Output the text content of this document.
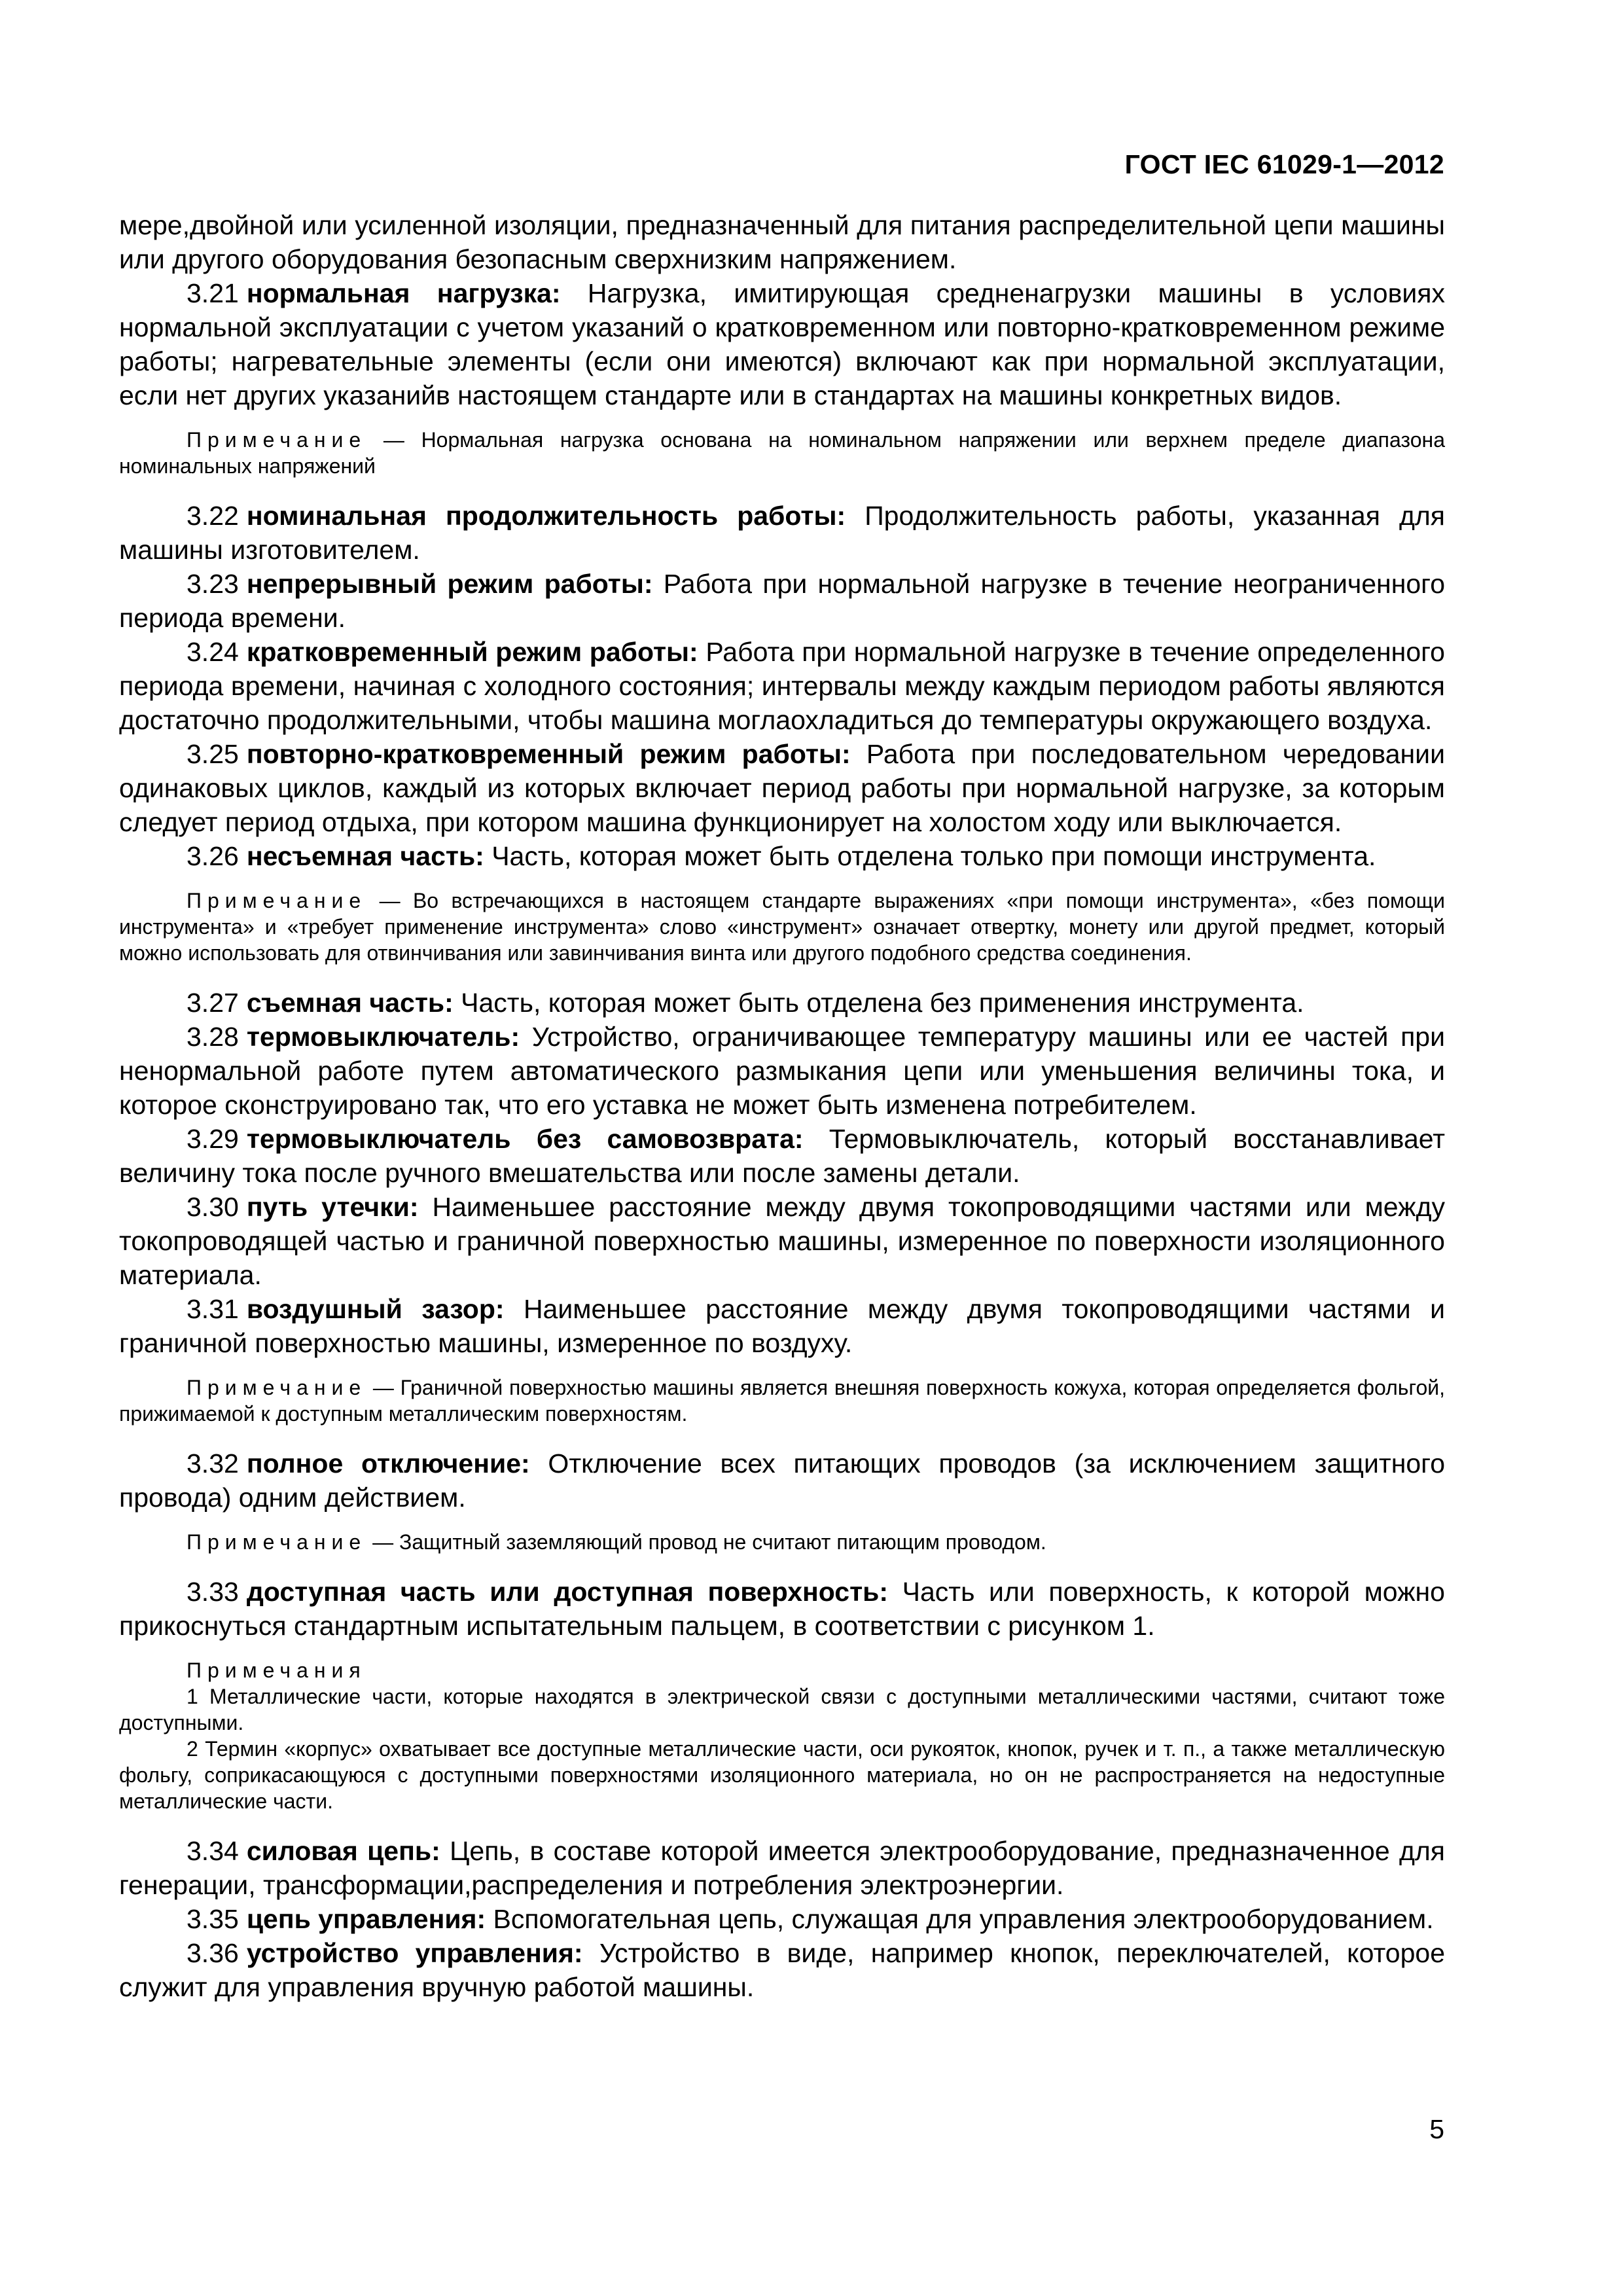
ГОСТ IEC 61029-1—2012

мере,двойной или усиленной изоляции, предназначенный для питания распределительной цепи машины или другого оборудования безопасным сверхнизким напряжением.

3.21 нормальная нагрузка: Нагрузка, имитирующая средненагрузки машины в условиях нормальной эксплуатации с учетом указаний о кратковременном или повторно-кратковременном режиме работы; нагревательные элементы (если они имеются) включают как при нормальной эксплуатации, если нет других указанийв настоящем стандарте или в стандартах на машины конкретных видов.

Примечание — Нормальная нагрузка основана на номинальном напряжении или верхнем пределе диапазона номинальных напряжений

3.22 номинальная продолжительность работы: Продолжительность работы, указанная для машины изготовителем.

3.23 непрерывный режим работы: Работа при нормальной нагрузке в течение неограниченного периода времени.

3.24 кратковременный режим работы: Работа при нормальной нагрузке в течение определенного периода времени, начиная с холодного состояния; интервалы между каждым периодом работы являются достаточно продолжительными, чтобы машина моглаохладиться до температуры окружающего воздуха.

3.25 повторно-кратковременный режим работы: Работа при последовательном чередовании одинаковых циклов, каждый из которых включает период работы при нормальной нагрузке, за которым следует период отдыха, при котором машина функционирует на холостом ходу или выключается.

3.26 несъемная часть: Часть, которая может быть отделена только при помощи инструмента.

Примечание — Во встречающихся в настоящем стандарте выражениях «при помощи инструмента», «без помощи инструмента» и «требует применение инструмента» слово «инструмент» означает отвертку, монету или другой предмет, который можно использовать для отвинчивания или завинчивания винта или другого подобного средства соединения.

3.27 съемная часть: Часть, которая может быть отделена без применения инструмента.

3.28 термовыключатель: Устройство, ограничивающее температуру машины или ее частей при ненормальной работе путем автоматического размыкания цепи или уменьшения величины тока, и которое сконструировано так, что его уставка не может быть изменена потребителем.

3.29 термовыключатель без самовозврата: Термовыключатель, который восстанавливает величину тока после ручного вмешательства или после замены детали.

3.30 путь утечки: Наименьшее расстояние между двумя токопроводящими частями или между токопроводящей частью и граничной поверхностью машины, измеренное по поверхности изоляционного материала.

3.31 воздушный зазор: Наименьшее расстояние между двумя токопроводящими частями и граничной поверхностью машины, измеренное по воздуху.

Примечание — Граничной поверхностью машины является внешняя поверхность кожуха, которая определяется фольгой, прижимаемой к доступным металлическим поверхностям.

3.32 полное отключение: Отключение всех питающих проводов (за исключением защитного провода) одним действием.

Примечание — Защитный заземляющий провод не считают питающим проводом.

3.33 доступная часть или доступная поверхность: Часть или поверхность, к которой можно прикоснуться стандартным испытательным пальцем, в соответствии с рисунком 1.

Примечания

1 Металлические части, которые находятся в электрической связи с доступными металлическими частями, считают тоже доступными.

2 Термин «корпус» охватывает все доступные металлические части, оси рукояток, кнопок, ручек и т. п., а также металлическую фольгу, соприкасающуюся с доступными поверхностями изоляционного материала, но он не распространяется на недоступные металлические части.

3.34 силовая цепь: Цепь, в составе которой имеется электрооборудование, предназначенное для генерации, трансформации,распределения и потребления электроэнергии.

3.35 цепь управления: Вспомогательная цепь, служащая для управления электрооборудованием.

3.36 устройство управления: Устройство в виде, например кнопок, переключателей, которое служит для управления вручную работой машины.

5
